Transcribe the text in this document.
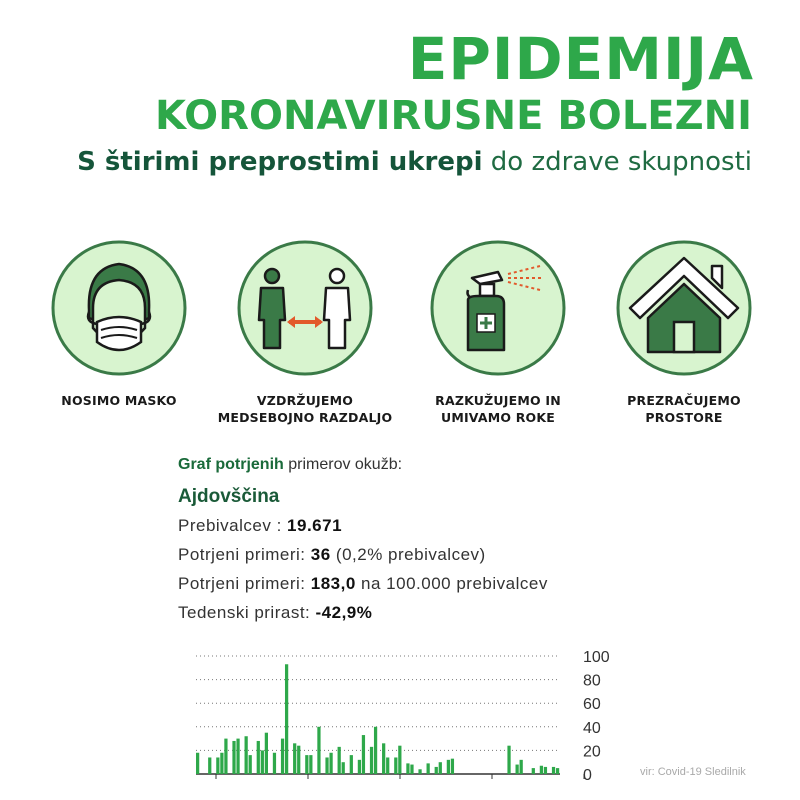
EPIDEMIJA
KORONAVIRUSNE BOLEZNI
S štirimi preprostimi ukrepi do zdrave skupnosti
NOSIMO MASKO	VZDRŽUJEMO MEDSEBOJNO RAZDALJO
RAZKUŽUJEMO IN UMIVAMO ROKE
PREZRAČUJEMO PROSTORE
Graf potrjenih primerov okužb:
Ajdovščina
Prebivalcev : 19.671
Potrjeni primeri: 36 (0,2% prebivalcev)
Potrjeni primeri: 183,0 na 100.000 prebivalcev
Tedenski prirast: -42,9%
0
20
40
60
80
100
vir: Covid-19 Sledilnik
